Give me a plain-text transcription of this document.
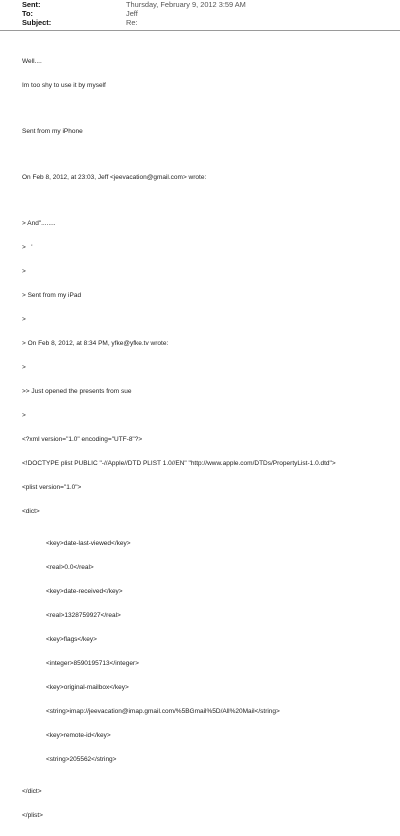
Sent:	Thursday, February 9, 2012 3:59 AM
To:	Jeff
Subject:	Re:

Well....

Im too shy to use it by myself

Sent from my iPhone

On Feb 8, 2012, at 23:03, Jeff <jeevacation@gmail.com> wrote:

> And"........

>   '

>

> Sent from my iPad

>

> On Feb 8, 2012, at 8:34 PM, yfke@yfke.tv wrote:

>

>> Just opened the presents from sue

>

<?xml version="1.0" encoding="UTF-8"?>

<!DOCTYPE plist PUBLIC "-//Apple//DTD PLIST 1.0//EN" "http://www.apple.com/DTDs/PropertyList-1.0.dtd">

<plist version="1.0">

<dict>

<key>date-last-viewed</key>

<real>0.0</real>

<key>date-received</key>

<real>1328759927</real>

<key>flags</key>

<integer>8590195713</integer>

<key>original-mailbox</key>

<string>imap://jeevacation@imap.gmail.com/%5BGmail%5D/All%20Mail</string>

<key>remote-id</key>

<string>205562</string>

</dict>

</plist>
